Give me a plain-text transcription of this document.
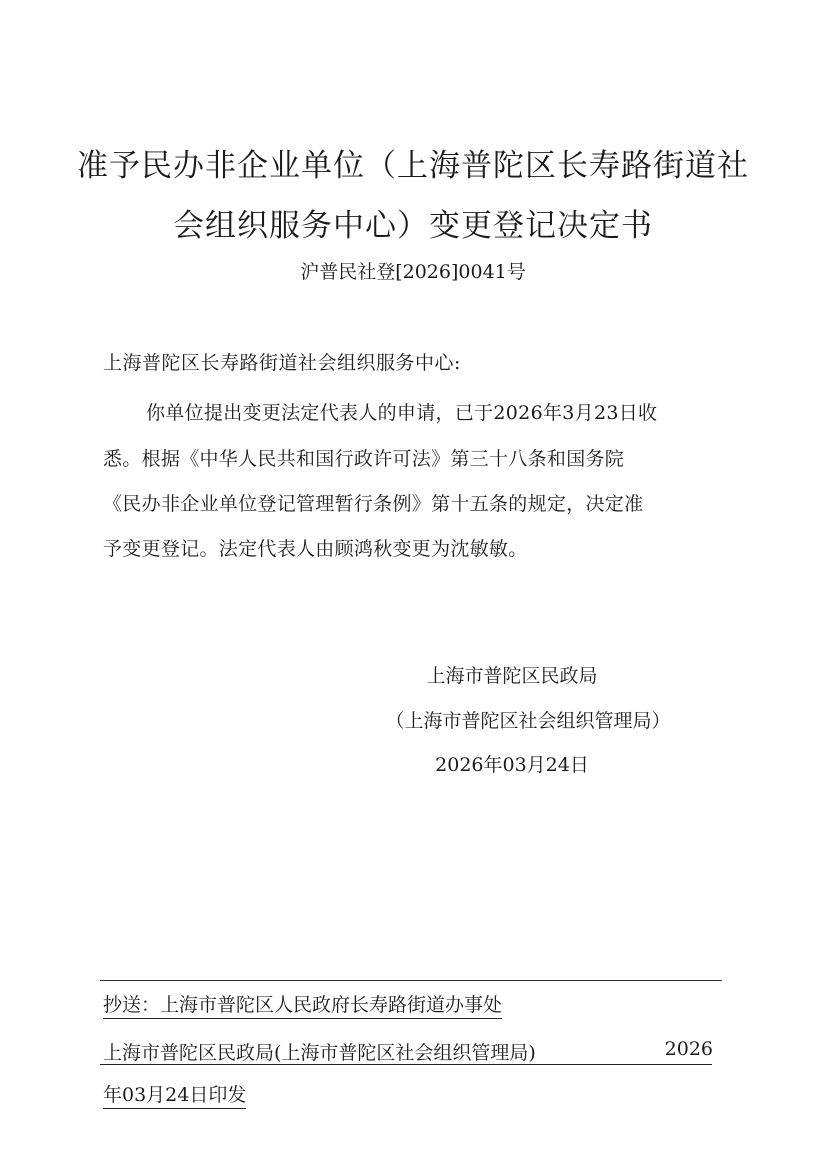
准予民办非企业单位（上海普陀区长寿路街道社
会组织服务中心）变更登记决定书
沪普民社登[2026]0041号
上海普陀区长寿路街道社会组织服务中心:
你单位提出变更法定代表人的申请，已于2026年3月23日收
悉。根据《中华人民共和国行政许可法》第三十八条和国务院
《民办非企业单位登记管理暂行条例》第十五条的规定，决定准
予变更登记。法定代表人由顾鸿秋变更为沈敏敏。
上海市普陀区民政局
（上海市普陀区社会组织管理局）
2026年03月24日
抄送：上海市普陀区人民政府长寿路街道办事处
上海市普陀区民政局(上海市普陀区社会组织管理局)	2026
年03月24日印发
